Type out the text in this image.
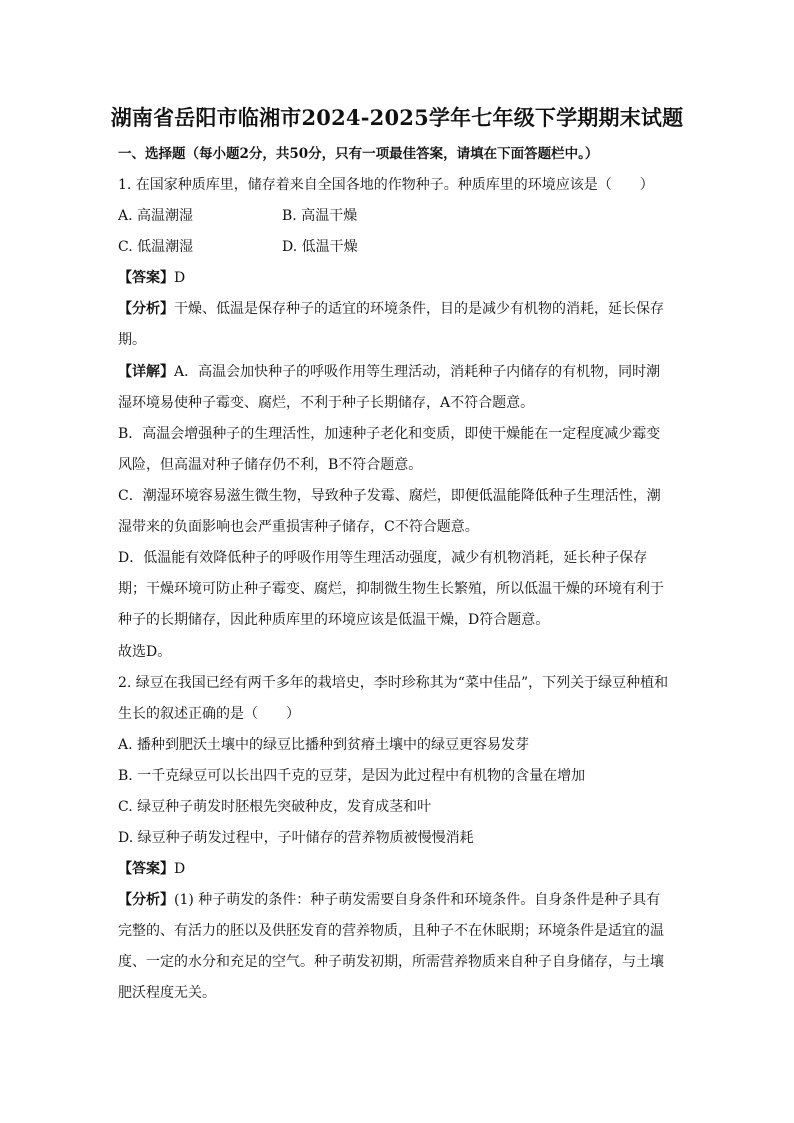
湖南省岳阳市临湘市2024-2025学年七年级下学期期末试题
一、选择题（每小题2分，共50分，只有一项最佳答案，请填在下面答题栏中。）
1. 在国家种质库里，储存着来自全国各地的作物种子。种质库里的环境应该是（　　）
A. 高温潮湿	B. 高温干燥
C. 低温潮湿	D. 低温干燥
【答案】D
【分析】干燥、低温是保存种子的适宜的环境条件，目的是减少有机物的消耗，延长保存
期。
【详解】A．高温会加快种子的呼吸作用等生理活动，消耗种子内储存的有机物，同时潮
湿环境易使种子霉变、腐烂，不利于种子长期储存，A不符合题意。
B．高温会增强种子的生理活性，加速种子老化和变质，即使干燥能在一定程度减少霉变
风险，但高温对种子储存仍不利，B不符合题意。
C．潮湿环境容易滋生微生物，导致种子发霉、腐烂，即便低温能降低种子生理活性，潮
湿带来的负面影响也会严重损害种子储存，C不符合题意。
D．低温能有效降低种子的呼吸作用等生理活动强度，减少有机物消耗，延长种子保存
期；干燥环境可防止种子霉变、腐烂，抑制微生物生长繁殖，所以低温干燥的环境有利于
种子的长期储存，因此种质库里的环境应该是低温干燥，D符合题意。
故选D。
2. 绿豆在我国已经有两千多年的栽培史，李时珍称其为“菜中佳品”，下列关于绿豆种植和
生长的叙述正确的是（　　）
A. 播种到肥沃土壤中的绿豆比播种到贫瘠土壤中的绿豆更容易发芽
B. 一千克绿豆可以长出四千克的豆芽，是因为此过程中有机物的含量在增加
C. 绿豆种子萌发时胚根先突破种皮，发育成茎和叶
D. 绿豆种子萌发过程中，子叶储存的营养物质被慢慢消耗
【答案】D
【分析】(1) 种子萌发的条件：种子萌发需要自身条件和环境条件。自身条件是种子具有
完整的、有活力的胚以及供胚发育的营养物质，且种子不在休眠期；环境条件是适宜的温
度、一定的水分和充足的空气。种子萌发初期，所需营养物质来自种子自身储存，与土壤
肥沃程度无关。
